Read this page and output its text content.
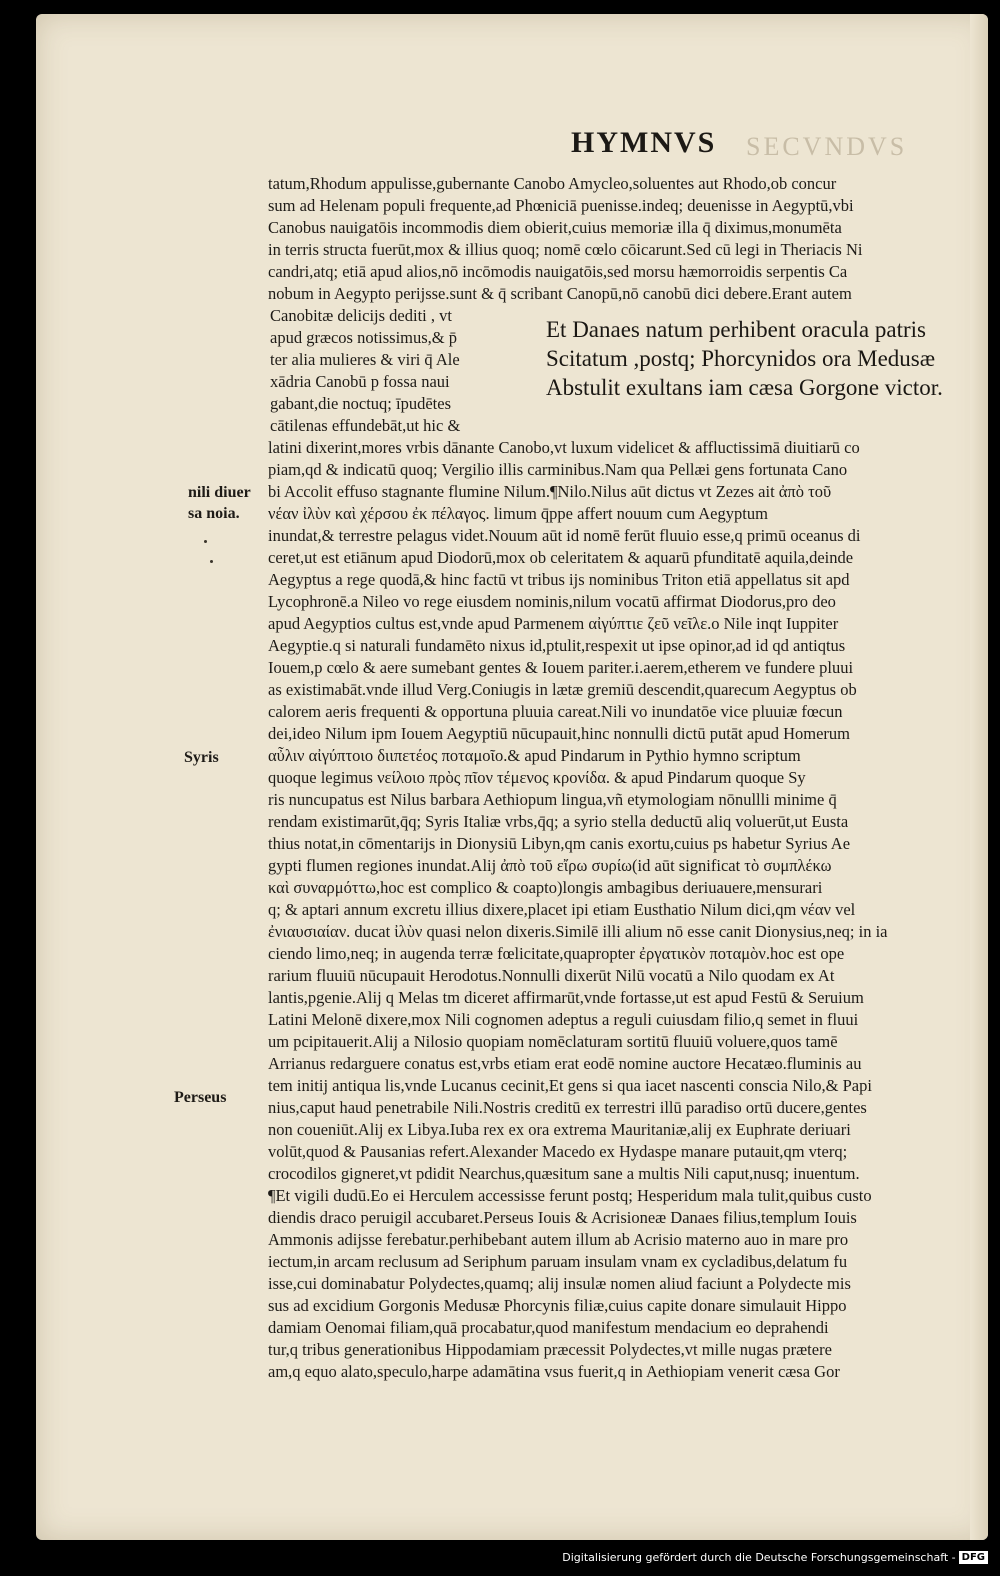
SECVNDVS
HYMNVS
tatum,Rhodum appulisse,gubernante Canobo Amycleo,soluentes aut Rhodo,ob concur
sum ad Helenam populi frequente,ad Phœniciā puenisse.indeq; deuenisse in Aegyptū,vbi
Canobus nauigatōis incommodis diem obierit,cuius memoriæ illa q̄ diximus,monumēta
in terris structa fuerūt,mox & illius quoq; nomē cœlo cōicarunt.Sed cū legi in Theriacis Ni
candri,atq; etiā apud alios,nō incōmodis nauigatōis,sed morsu hæmorroidis serpentis Ca
nobum in Aegypto perijsse.sunt & q̄ scribant Canopū,nō canobū dici debere.Erant autem
Canobitæ delicijs dediti , vt
apud græcos notissimus,& p̄
ter alia mulieres & viri q̄ Ale
xādria Canobū p fossa naui
gabant,die noctuq; īpudētes
cātilenas effundebāt,ut hic &
Et Danaes natum perhibent oracula patris
Scitatum ,postq; Phorcynidos ora Medusæ
Abstulit exultans iam cæsa Gorgone victor.
latini dixerint,mores vrbis dānante Canobo,vt luxum videlicet & affluctissimā diuitiarū co
piam,qd & indicatū quoq; Vergilio illis carminibus.Nam qua Pellæi gens fortunata Cano
bi Accolit effuso stagnante flumine Nilum.¶Nilo.Nilus aūt dictus vt Zezes ait ἀπὸ τοῦ
νέαν ἰλὺν καὶ χέρσου ἐκ πέλαγος. limum q̄ppe affert nouum cum Aegyptum
inundat,& terrestre pelagus videt.Nouum aūt id nomē ferūt fluuio esse,q primū oceanus di
ceret,ut est etiānum apud Diodorū,mox ob celeritatem & aquarū pfunditatē aquila,deinde
Aegyptus a rege quodā,& hinc factū vt tribus ijs nominibus Triton etiā appellatus sit apd
Lycophronē.a Nileo vo rege eiusdem nominis,nilum vocatū affirmat Diodorus,pro deo
apud Aegyptios cultus est,vnde apud Parmenem αἰγύπτιε ζεῦ νεῖλε.o Nile inqt Iuppiter
Aegyptie.q si naturali fundamēto nixus id,ptulit,respexit ut ipse opinor,ad id qd antiqtus
Iouem,p cœlo & aere sumebant gentes & Iouem pariter.i.aerem,etherem ve fundere pluui
as existimabāt.vnde illud Verg.Coniugis in lætæ gremiū descendit,quarecum Aegyptus ob
calorem aeris frequenti & opportuna pluuia careat.Nili vo inundatōe vice pluuiæ fœcun
dei,ideo Nilum ipm Iouem Aegyptiū nūcupauit,hinc nonnulli dictū putāt apud Homerum
αὖλιν αἰγύπτοιο διιπετέος ποταμοῖο.& apud Pindarum in Pythio hymno scriptum
quoque legimus νείλοιο πρὸς πῖον τέμενος κρονίδα. & apud Pindarum quoque Sy
ris nuncupatus est Nilus barbara Aethiopum lingua,vñ etymologiam nōnullli minime q̄
rendam existimarūt,q̄q; Syris Italiæ vrbs,q̄q; a syrio stella deductū aliq voluerūt,ut Eusta
thius notat,in cōmentarijs in Dionysiū Libyn,qm canis exortu,cuius ps habetur Syrius Ae
gypti flumen regiones inundat.Alij ἀπὸ τοῦ εἴρω συρίω(id aūt significat τὸ συμπλέκω
καὶ συναρμόττω,hoc est complico & coapto)longis ambagibus deriuauere,mensurari
q; & aptari annum excretu illius dixere,placet ipi etiam Eusthatio Nilum dici,qm νέαν vel
ἐνιαυσιαίαν. ducat ἰλὺν quasi nelon dixeris.Similē illi alium nō esse canit Dionysius,neq; in ia
ciendo limo,neq; in augenda terræ fœlicitate,quapropter ἐργατικὸν ποταμὸν.hoc est ope
rarium fluuiū nūcupauit Herodotus.Nonnulli dixerūt Nilū vocatū a Nilo quodam ex At
lantis,pgenie.Alij q Melas tm diceret affirmarūt,vnde fortasse,ut est apud Festū & Seruium
Latini Melonē dixere,mox Nili cognomen adeptus a reguli cuiusdam filio,q semet in fluui
um pcipitauerit.Alij a Nilosio quopiam nomēclaturam sortitū fluuiū voluere,quos tamē
Arrianus redarguere conatus est,vrbs etiam erat eodē nomine auctore Hecatæo.fluminis au
tem initij antiqua lis,vnde Lucanus cecinit,Et gens si qua iacet nascenti conscia Nilo,& Papi
nius,caput haud penetrabile Nili.Nostris creditū ex terrestri illū paradiso ortū ducere,gentes
non coueniūt.Alij ex Libya.Iuba rex ex ora extrema Mauritaniæ,alij ex Euphrate deriuari
volūt,quod & Pausanias refert.Alexander Macedo ex Hydaspe manare putauit,qm vterq;
crocodilos gigneret,vt pdidit Nearchus,quæsitum sane a multis Nili caput,nusq; inuentum.
¶Et vigili dudū.Eo ei Herculem accessisse ferunt postq; Hesperidum mala tulit,quibus custo
diendis draco peruigil accubaret.Perseus Iouis & Acrisioneæ Danaes filius,templum Iouis
Ammonis adijsse ferebatur.perhibebant autem illum ab Acrisio materno auo in mare pro
iectum,in arcam reclusum ad Seriphum paruam insulam vnam ex cycladibus,delatum fu
isse,cui dominabatur Polydectes,quamq; alij insulæ nomen aliud faciunt a Polydecte mis
sus ad excidium Gorgonis Medusæ Phorcynis filiæ,cuius capite donare simulauit Hippo
damiam Oenomai filiam,quā procabatur,quod manifestum mendacium eo deprahendi
tur,q tribus generationibus Hippodamiam præcessit Polydectes,vt mille nugas prætere
am,q equo alato,speculo,harpe adamātina vsus fuerit,q in Aethiopiam venerit cæsa Gor
nili diuer
sa noia.
Syris
Perseus
Digitalisierung gefördert durch die Deutsche Forschungsgemeinschaft - DFG
